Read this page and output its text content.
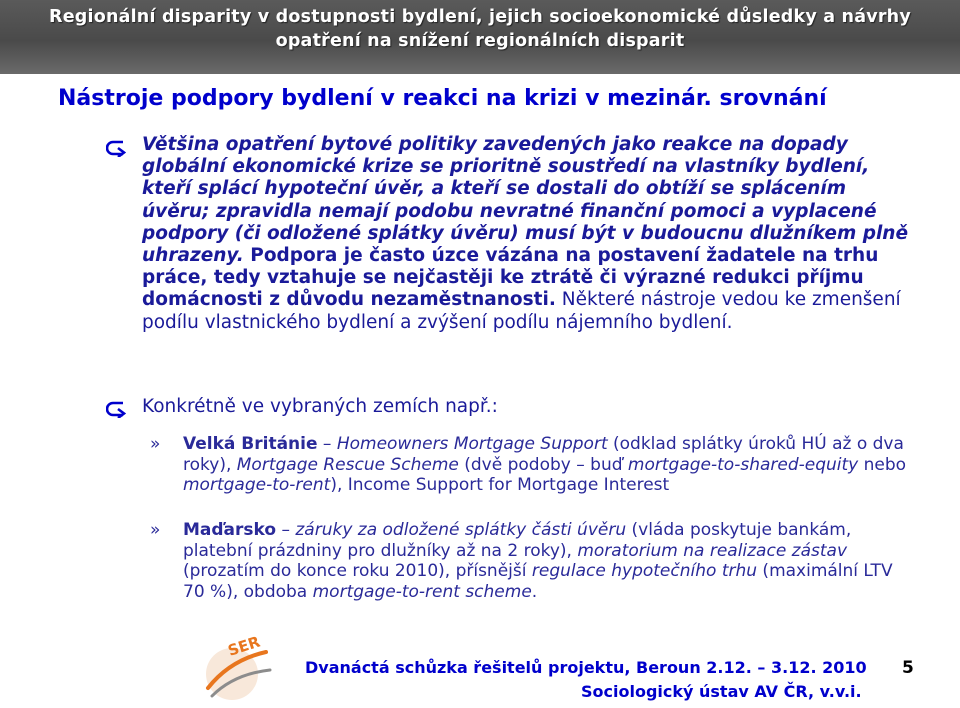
Regionální disparity v dostupnosti bydlení, jejich socioekonomické důsledky a návrhy
opatření na snížení regionálních disparit
Nástroje podpory bydlení v reakci na krizi v mezinár. srovnání
Většina opatření bytové politiky zavedených jako reakce na dopady globální ekonomické krize se prioritně soustředí na vlastníky bydlení, kteří splácí hypoteční úvěr, a kteří se dostali do obtíží se splácením úvěru; zpravidla nemají podobu nevratné finanční pomoci a vyplacené podpory (či odložené splátky úvěru) musí být v budoucnu dlužníkem plně uhrazeny. Podpora je často úzce vázána na postavení žadatele na trhu práce, tedy vztahuje se nejčastěji ke ztrátě či výrazné redukci příjmu domácnosti z důvodu nezaměstnanosti. Některé nástroje vedou ke zmenšení podílu vlastnického bydlení a zvýšení podílu nájemního bydlení.
Konkrétně ve vybraných zemích např.:
» Velká Británie – Homeowners Mortgage Support (odklad splátky úroků HÚ až o dva roky), Mortgage Rescue Scheme (dvě podoby – buď mortgage-to-shared-equity nebo mortgage-to-rent), Income Support for Mortgage Interest
» Maďarsko – záruky za odložené splátky části úvěru (vláda poskytuje bankám, platební prázdniny pro dlužníky až na 2 roky), moratorium na realizace zástav (prozatím do konce roku 2010), přísnější regulace hypotečního trhu (maximální LTV 70 %), obdoba mortgage-to-rent scheme.
SER
Dvanáctá schůzka řešitelů projektu, Beroun 2.12. – 3.12. 2010
Sociologický ústav AV ČR, v.v.i.
5
